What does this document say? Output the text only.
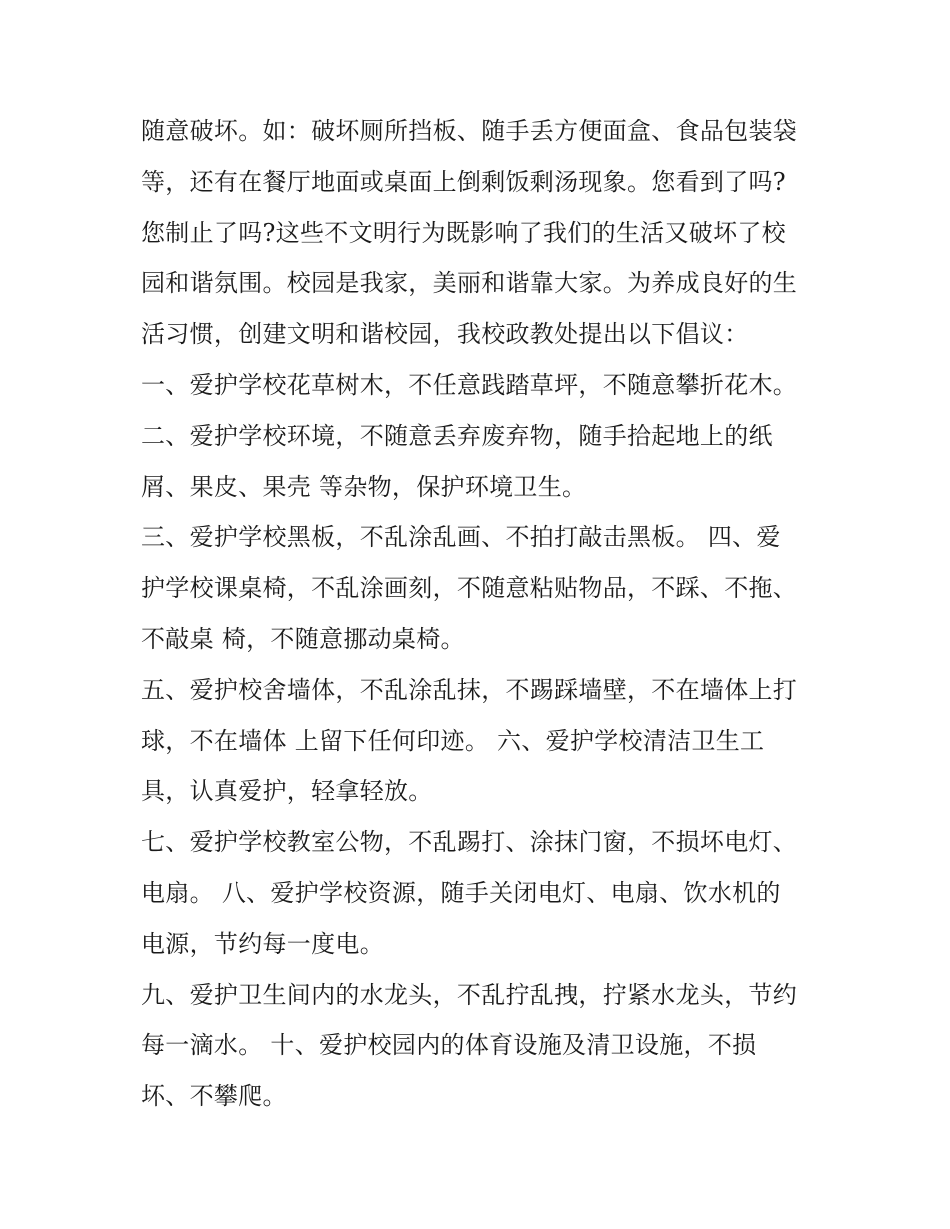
随意破坏。如：破坏厕所挡板、随手丢方便面盒、食品包装袋
等，还有在餐厅地面或桌面上倒剩饭剩汤现象。您看到了吗?
您制止了吗?这些不文明行为既影响了我们的生活又破坏了校
园和谐氛围。校园是我家，美丽和谐靠大家。为养成良好的生
活习惯，创建文明和谐校园，我校政教处提出以下倡议：
一、爱护学校花草树木，不任意践踏草坪，不随意攀折花木。
二、爱护学校环境，不随意丢弃废弃物，随手拾起地上的纸
屑、果皮、果壳 等杂物，保护环境卫生。
三、爱护学校黑板，不乱涂乱画、不拍打敲击黑板。 四、爱
护学校课桌椅，不乱涂画刻，不随意粘贴物品，不踩、不拖、
不敲桌 椅，不随意挪动桌椅。
五、爱护校舍墙体，不乱涂乱抹，不踢踩墙壁，不在墙体上打
球，不在墙体 上留下任何印迹。 六、爱护学校清洁卫生工
具，认真爱护，轻拿轻放。
七、爱护学校教室公物，不乱踢打、涂抹门窗，不损坏电灯、
电扇。 八、爱护学校资源，随手关闭电灯、电扇、饮水机的
电源，节约每一度电。
九、爱护卫生间内的水龙头，不乱拧乱拽，拧紧水龙头，节约
每一滴水。 十、爱护校园内的体育设施及清卫设施，不损
坏、不攀爬。
